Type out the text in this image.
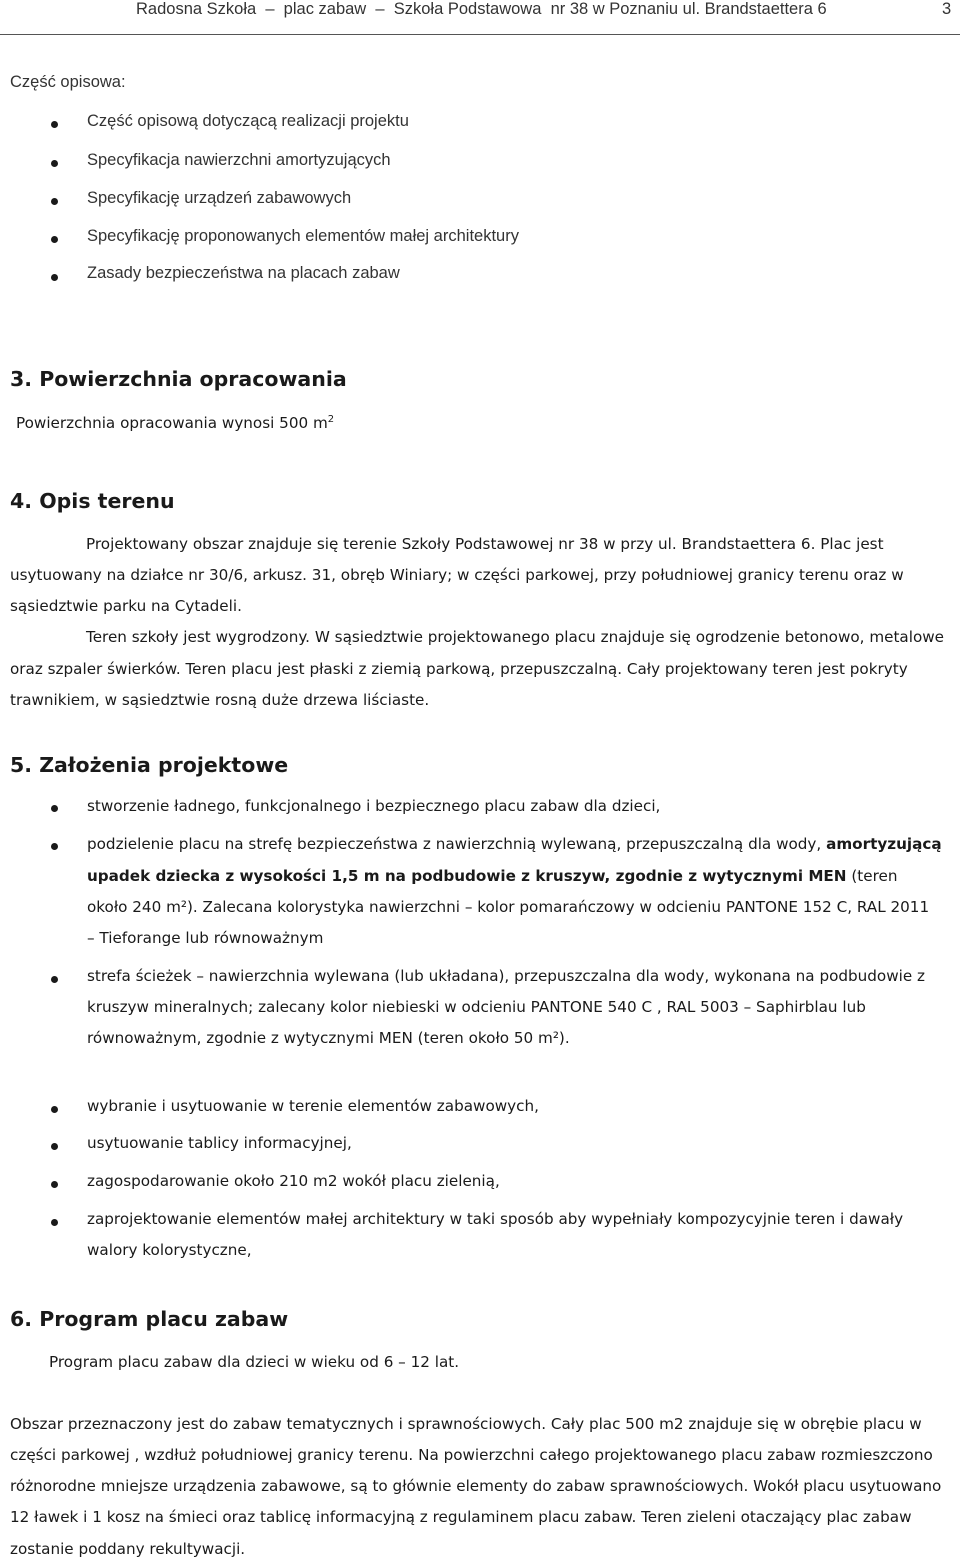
Radosna Szkoła  –  plac zabaw  –  Szkoła Podstawowa  nr 38 w Poznaniu ul. Brandstaettera 6	3
Część opisowa:
Część opisową dotyczącą realizacji projektu
Specyfikacja nawierzchni amortyzujących
Specyfikację urządzeń zabawowych
Specyfikację proponowanych elementów małej architektury
Zasady bezpieczeństwa na placach zabaw
3. Powierzchnia opracowania
Powierzchnia opracowania wynosi 500 $m^2$
4. Opis terenu
Projektowany obszar znajduje się terenie Szkoły Podstawowej nr 38 w przy ul. Brandstaettera 6. Plac jest
usytuowany na działce nr 30/6, arkusz. 31, obręb Winiary; w części parkowej, przy południowej granicy terenu oraz w
sąsiedztwie parku na Cytadeli.
Teren szkoły jest wygrodzony. W sąsiedztwie projektowanego placu znajduje się ogrodzenie betonowo, metalowe
oraz szpaler świerków. Teren placu jest płaski z ziemią parkową, przepuszczalną. Cały projektowany teren jest pokryty
trawnikiem, w sąsiedztwie rosną duże drzewa liściaste.
5. Założenia projektowe
stworzenie ładnego, funkcjonalnego i bezpiecznego placu zabaw dla dzieci,
podzielenie placu na strefę bezpieczeństwa z nawierzchnią wylewaną, przepuszczalną dla wody, amortyzującą
upadek dziecka z wysokości 1,5 m na podbudowie z kruszyw, zgodnie z wytycznymi MEN (teren
około 240 m²). Zalecana kolorystyka nawierzchni – kolor pomarańczowy w odcieniu PANTONE 152 C, RAL 2011
– Tieforange lub równoważnym
strefa ścieżek – nawierzchnia wylewana (lub układana), przepuszczalna dla wody, wykonana na podbudowie z
kruszyw mineralnych; zalecany kolor niebieski w odcieniu PANTONE 540 C , RAL 5003 – Saphirblau lub
równoważnym, zgodnie z wytycznymi MEN (teren około 50 m²).
wybranie i usytuowanie w terenie elementów zabawowych,
usytuowanie tablicy informacyjnej,
zagospodarowanie około 210 m2 wokół placu zielenią,
zaprojektowanie elementów małej architektury w taki sposób aby wypełniały kompozycyjnie teren i dawały
walory kolorystyczne,
6. Program placu zabaw
Program placu zabaw dla dzieci w wieku od 6 – 12 lat.
Obszar przeznaczony jest do zabaw tematycznych i sprawnościowych. Cały plac 500 m2 znajduje się w obrębie placu w
części parkowej , wzdłuż południowej granicy terenu. Na powierzchni całego projektowanego placu zabaw rozmieszczono
różnorodne mniejsze urządzenia zabawowe, są to głównie elementy do zabaw sprawnościowych. Wokół placu usytuowano
12 ławek i 1 kosz na śmieci oraz tablicę informacyjną z regulaminem placu zabaw. Teren zieleni otaczający plac zabaw
zostanie poddany rekultywacji.
